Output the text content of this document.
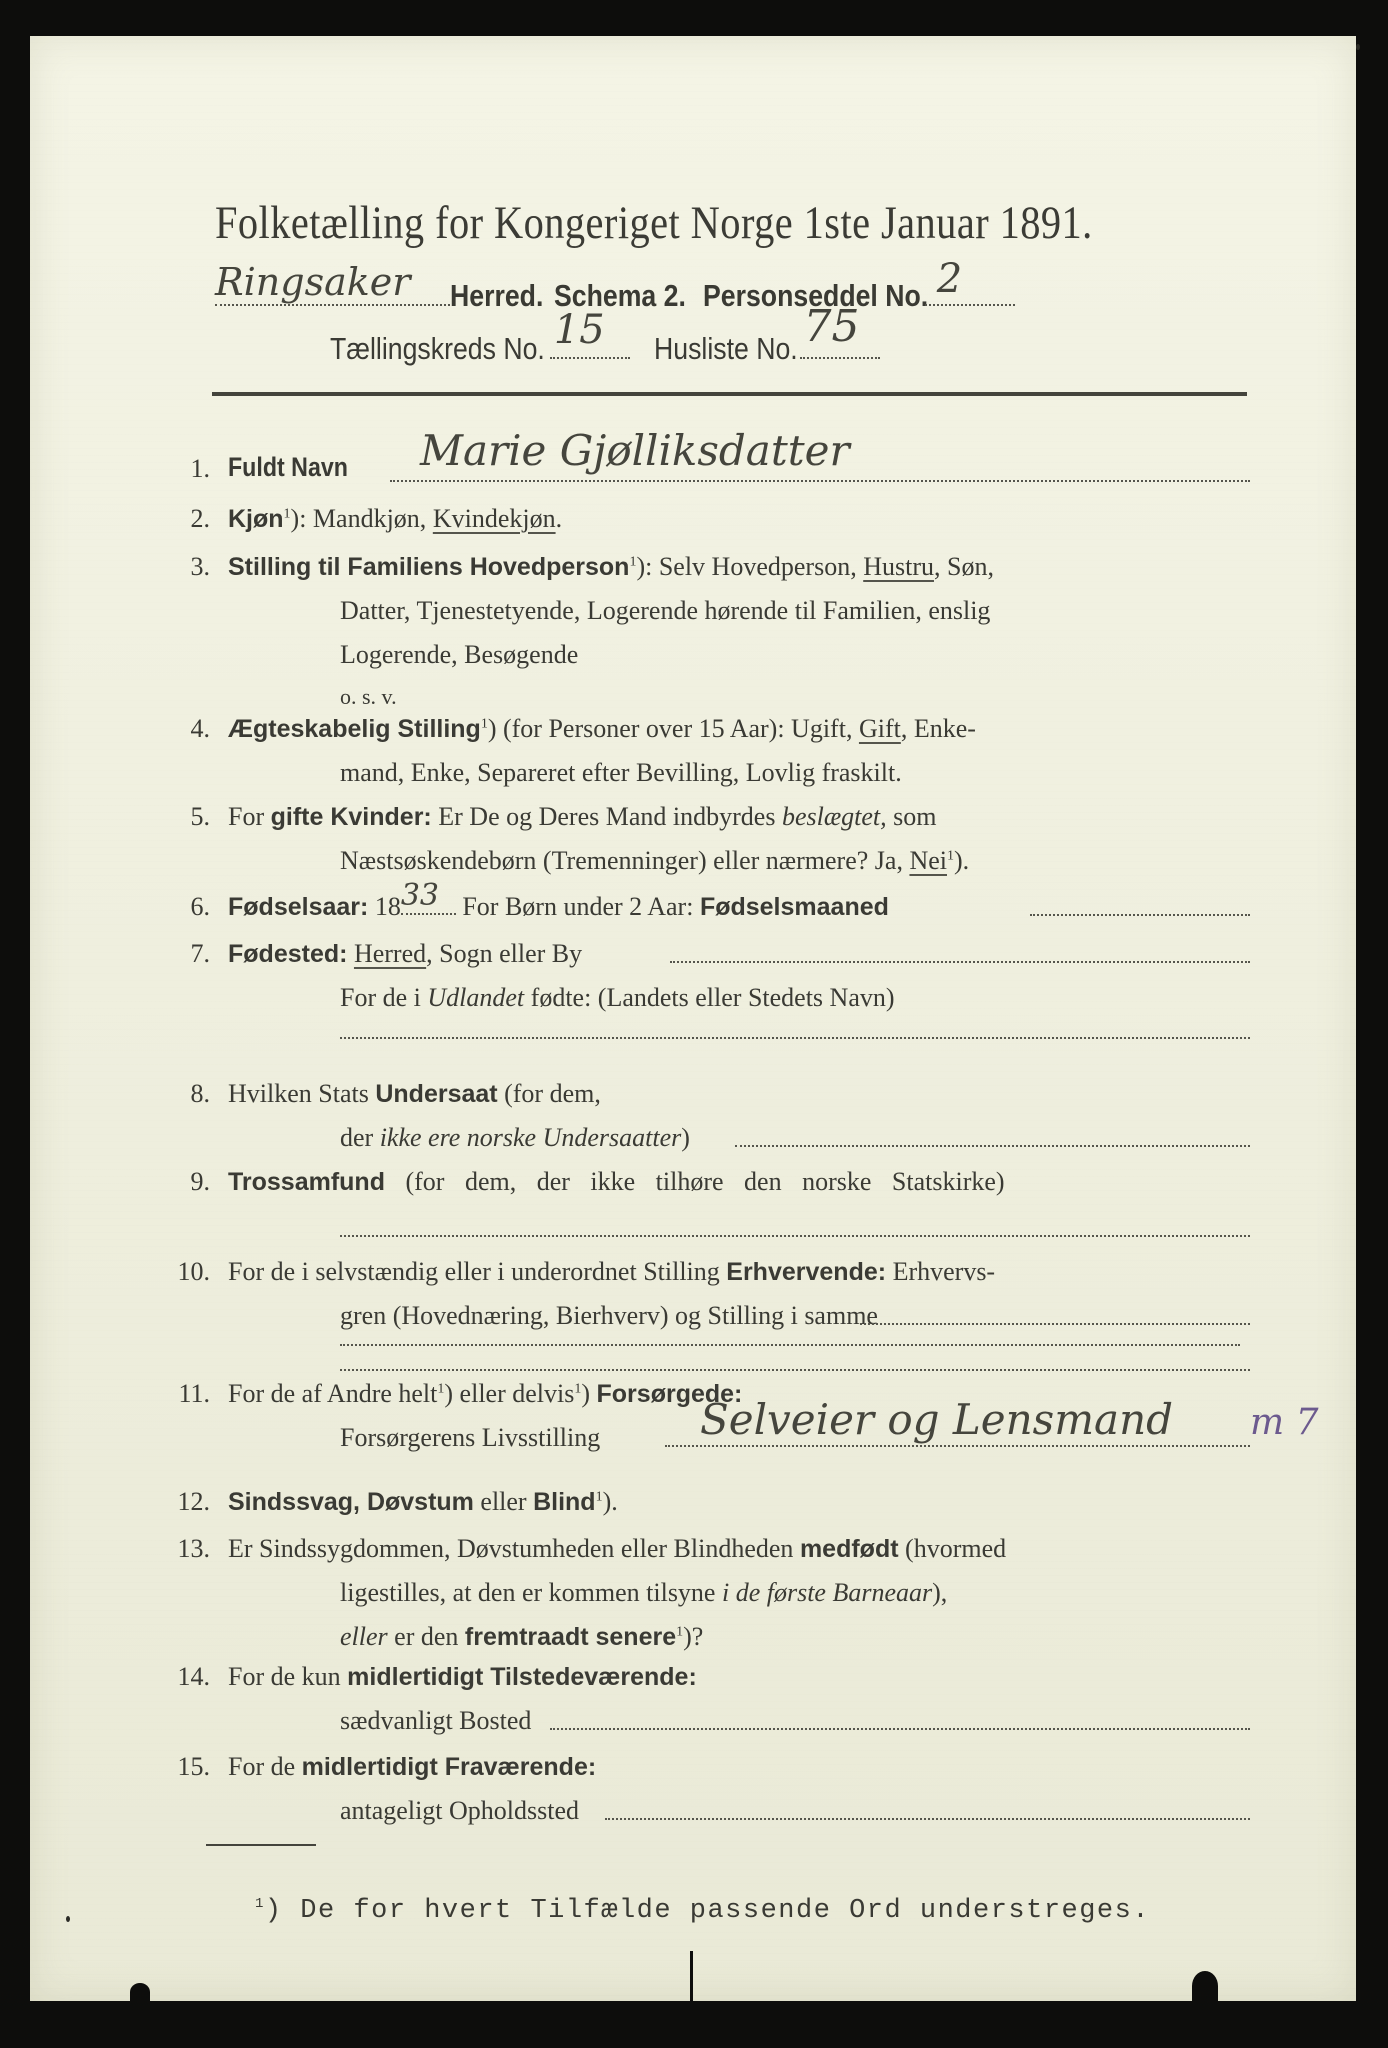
Folketælling for Kongeriget Norge 1ste Januar 1891.
Ringsaker Herred. Schema 2. Personseddel No. 2
Tællingskreds No. 15 Husliste No. 75
1. Fuldt Navn Marie Gjølliksdatter
2. Kjøn$^1$): Mandkjøn, Kvindekjøn.
3. Stilling til Familiens Hovedperson$^1$): Selv Hovedperson, Hustru, Søn,
Datter, Tjenestetyende, Logerende hørende til Familien, enslig
Logerende, Besøgende
o. s. v.
4. Ægteskabelig Stilling$^1$) (for Personer over 15 Aar): Ugift, Gift, Enke-
mand, Enke, Separeret efter Bevilling, Lovlig fraskilt.
5. For gifte Kvinder: Er De og Deres Mand indbyrdes beslægtet, som
Næstsøskendebørn (Tremenninger) eller nærmere? Ja, Nei$^1$).
6. Fødselsaar: 18 33 For Børn under 2 Aar: Fødselsmaaned
7. Fødested: Herred, Sogn eller By
For de i Udlandet fødte: (Landets eller Stedets Navn)
8. Hvilken Stats Undersaat (for dem,
der ikke ere norske Undersaatter)
9. Trossamfund (for dem, der ikke tilhøre den norske Statskirke)
10. For de i selvstændig eller i underordnet Stilling Erhvervende: Erhvervs-
gren (Hovednæring, Bierhverv) og Stilling i samme
11. For de af Andre helt$^1$) eller delvis$^1$) Forsørgede:
Forsørgerens Livsstilling Selveier og Lensmand m 7
12. Sindssvag, Døvstum eller Blind$^1$).
13. Er Sindssygdommen, Døvstumheden eller Blindheden medfødt (hvormed
ligestilles, at den er kommen tilsyne i de første Barneaar),
eller er den fremtraadt senere$^1$)?
14. For de kun midlertidigt Tilstedeværende:
sædvanligt Bosted
15. For de midlertidigt Fraværende:
antageligt Opholdssted
$^1$) De for hvert Tilfælde passende Ord understreges.
